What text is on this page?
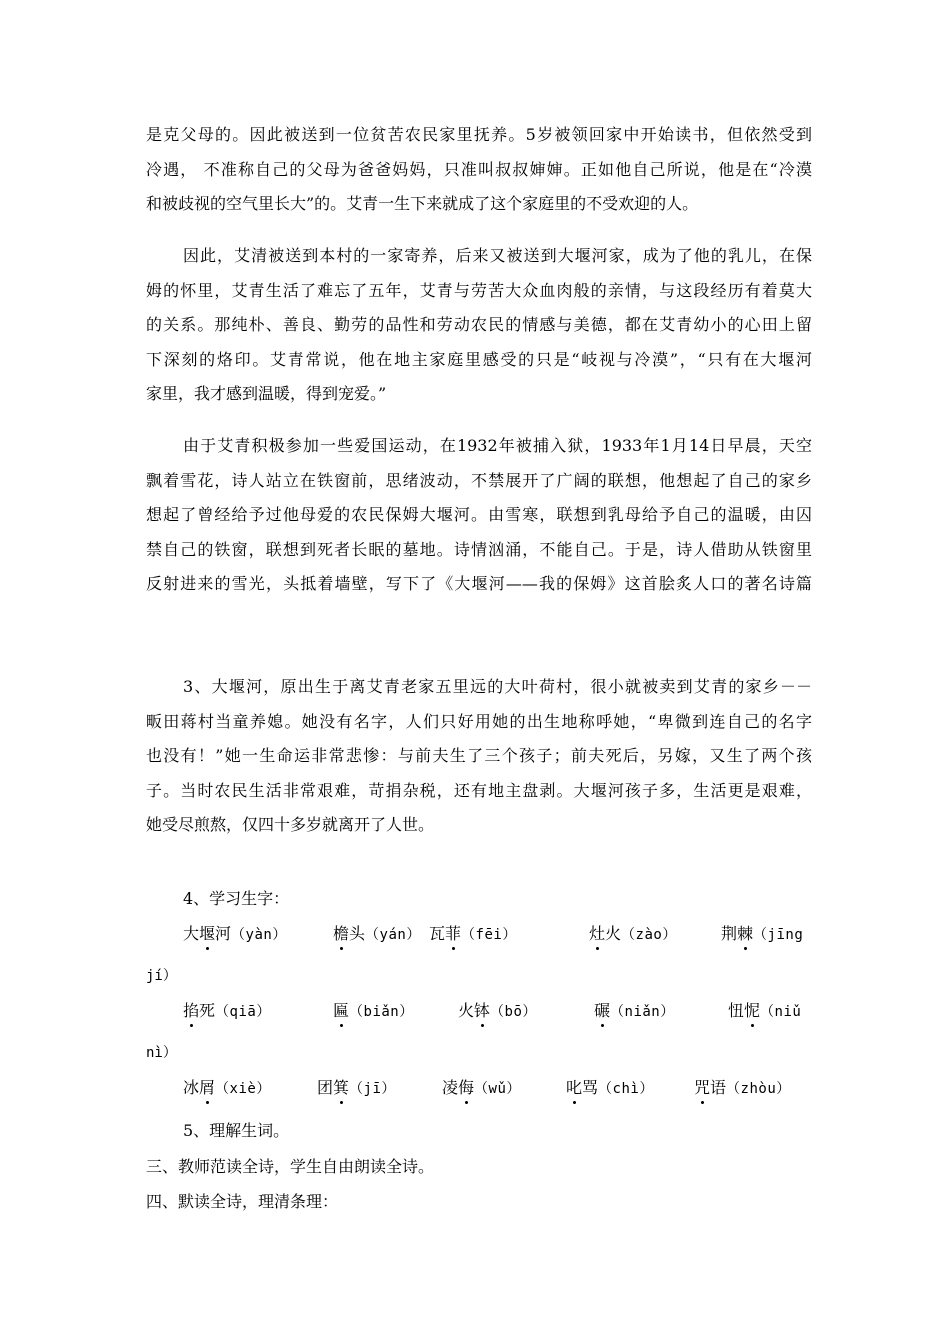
是克父母的。因此被送到一位贫苦农民家里抚养。5岁被领回家中开始读书，但依然受到
冷遇， 不准称自己的父母为爸爸妈妈，只准叫叔叔婶婶。正如他自己所说，他是在“冷漠
和被歧视的空气里长大”的。艾青一生下来就成了这个家庭里的不受欢迎的人。
因此，艾清被送到本村的一家寄养，后来又被送到大堰河家，成为了他的乳儿，在保
姆的怀里，艾青生活了难忘了五年，艾青与劳苦大众血肉般的亲情，与这段经历有着莫大
的关系。那纯朴、善良、勤劳的品性和劳动农民的情感与美德，都在艾青幼小的心田上留
下深刻的烙印。艾青常说，他在地主家庭里感受的只是“岐视与冷漠”，“只有在大堰河
家里，我才感到温暖，得到宠爱。”
由于艾青积极参加一些爱国运动，在1932年被捕入狱，1933年1月14日早晨，天空
飘着雪花，诗人站立在铁窗前，思绪波动，不禁展开了广阔的联想，他想起了自己的家乡
想起了曾经给予过他母爱的农民保姆大堰河。由雪寒，联想到乳母给予自己的温暖，由囚
禁自己的铁窗，联想到死者长眠的墓地。诗情汹涌，不能自己。于是，诗人借助从铁窗里
反射进来的雪光，头抵着墙壁，写下了《大堰河——我的保姆》这首脍炙人口的著名诗篇
3、大堰河，原出生于离艾青老家五里远的大叶荷村，很小就被卖到艾青的家乡－－
畈田蒋村当童养媳。她没有名字，人们只好用她的出生地称呼她，“卑微到连自己的名字
也没有！”她一生命运非常悲惨：与前夫生了三个孩子；前夫死后，另嫁，又生了两个孩
子。当时农民生活非常艰难，苛捐杂税，还有地主盘剥。大堰河孩子多，生活更是艰难，
她受尽煎熬，仅四十多岁就离开了人世。
4、学习生字：
大堰河（yàn）	檐头（yán） 瓦菲（fēi）	灶火（zào）	荆棘（jīng
jí）
掐死（qiā）	匾（biǎn）	火钵（bō）	碾（niǎn）	忸怩（niǔ
nì）
冰屑（xiè）	团箕（jī）	凌侮（wǔ）	叱骂（chì）	咒语（zhòu）
5、理解生词。
三、教师范读全诗，学生自由朗读全诗。
四、默读全诗，理清条理：
